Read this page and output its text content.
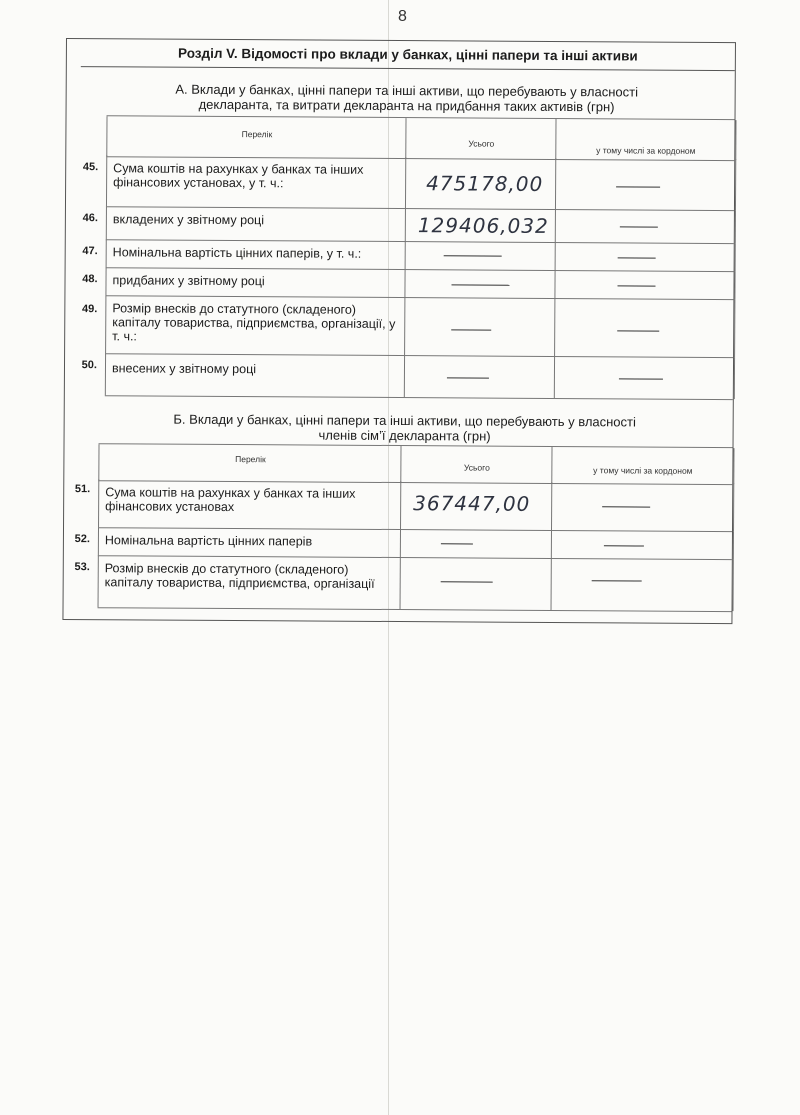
8
Розділ V. Відомості про вклади у банках, цінні папери та інші активи
А. Вклади у банках, цінні папери та інші активи, що перебувають у власності
декларанта, та витрати декларанта на придбання таких активів (грн)
Перелік
Усього
у тому числі за кордоном
45.	Сума коштів на рахунках у банках та інших фінансових установах, у т. ч.:	475178,00
46.	вкладених у звітному році	129406,032
47.	Номінальна вартість цінних паперів, у т. ч.:
48.	придбаних у звітному році
49.	Розмір внесків до статутного (складеного) капіталу товариства, підприємства, організації, у т. ч.:
50.	внесених у звітному році
Б. Вклади у банках, цінні папери та інші активи, що перебувають у власності
членів сім’ї декларанта (грн)
Перелік
Усього	у тому числі за кордоном
51.	Сума коштів на рахунках у банках та інших фінансових установах	367447,00
52.	Номінальна вартість цінних паперів
53.	Розмір внесків до статутного (складеного) капіталу товариства, підприємства, організації
